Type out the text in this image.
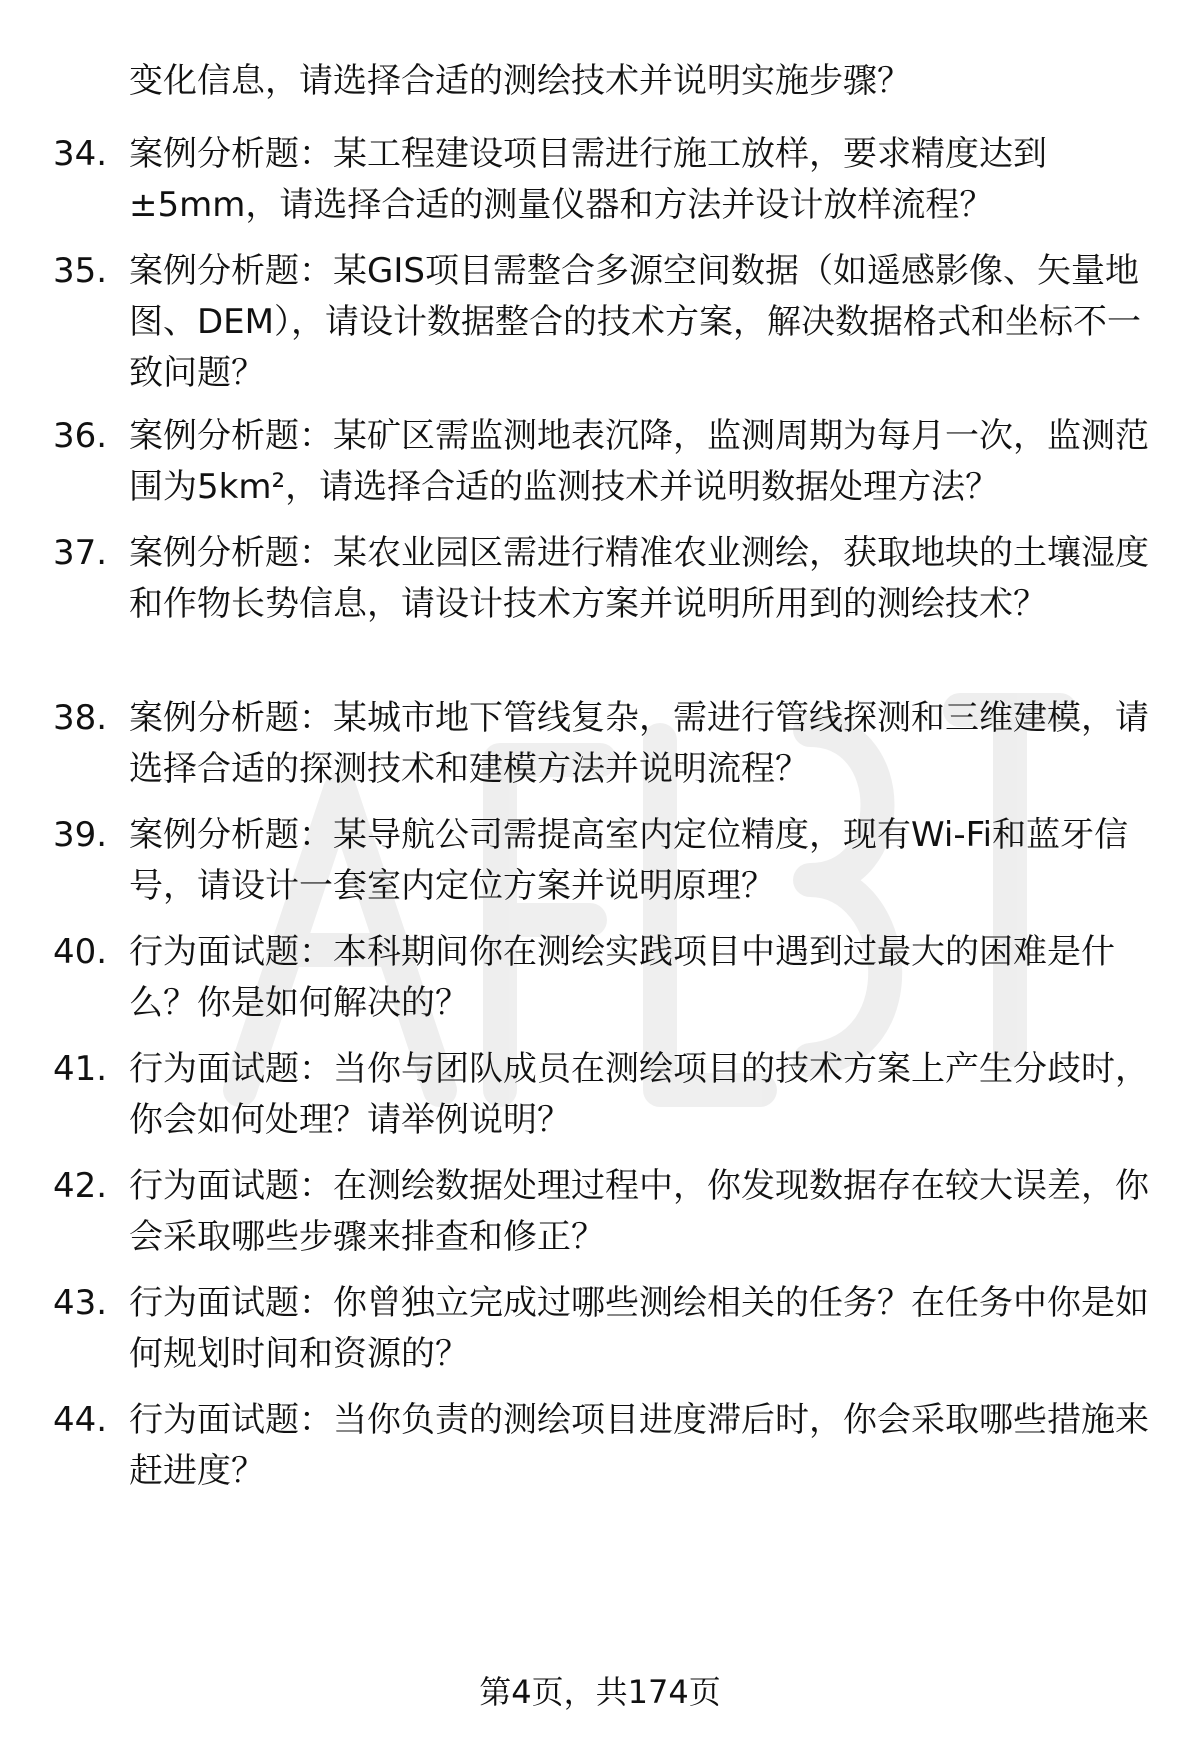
变化信息，请选择合适的测绘技术并说明实施步骤？

34. 案例分析题：某工程建设项目需进行施工放样，要求精度达到±5mm，请选择合适的测量仪器和方法并设计放样流程？
35. 案例分析题：某GIS项目需整合多源空间数据（如遥感影像、矢量地图、DEM），请设计数据整合的技术方案，解决数据格式和坐标不一致问题？
36. 案例分析题：某矿区需监测地表沉降，监测周期为每月一次，监测范围为5km²，请选择合适的监测技术并说明数据处理方法？
37. 案例分析题：某农业园区需进行精准农业测绘，获取地块的土壤湿度和作物长势信息，请设计技术方案并说明所用到的测绘技术？
38. 案例分析题：某城市地下管线复杂，需进行管线探测和三维建模，请选择合适的探测技术和建模方法并说明流程？
39. 案例分析题：某导航公司需提高室内定位精度，现有Wi-Fi和蓝牙信号，请设计一套室内定位方案并说明原理？
40. 行为面试题：本科期间你在测绘实践项目中遇到过最大的困难是什么？你是如何解决的？
41. 行为面试题：当你与团队成员在测绘项目的技术方案上产生分歧时，你会如何处理？请举例说明？
42. 行为面试题：在测绘数据处理过程中，你发现数据存在较大误差，你会采取哪些步骤来排查和修正？
43. 行为面试题：你曾独立完成过哪些测绘相关的任务？在任务中你是如何规划时间和资源的？
44. 行为面试题：当你负责的测绘项目进度滞后时，你会采取哪些措施来赶进度？
第4页，共174页
